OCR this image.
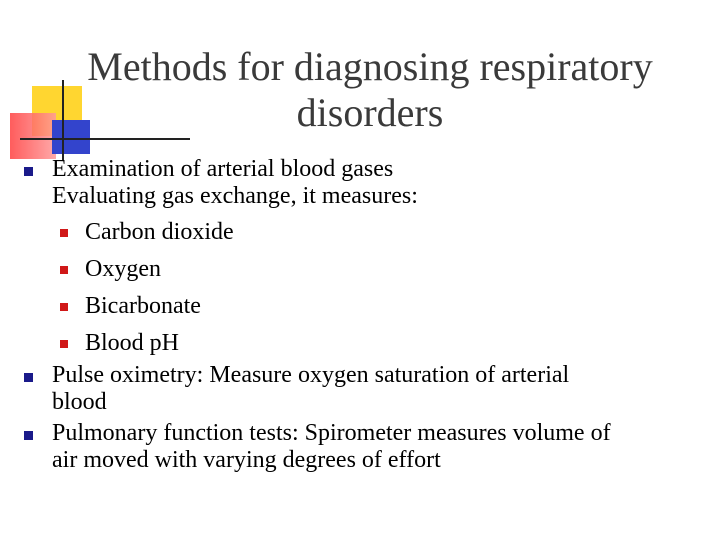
Methods for diagnosing respiratory
disorders
Examination of arterial blood gases
Evaluating gas exchange, it measures:
Carbon dioxide
Oxygen
Bicarbonate
Blood pH
Pulse oximetry: Measure oxygen saturation of arterial
blood
Pulmonary function tests: Spirometer measures volume of
air moved with varying degrees of effort
